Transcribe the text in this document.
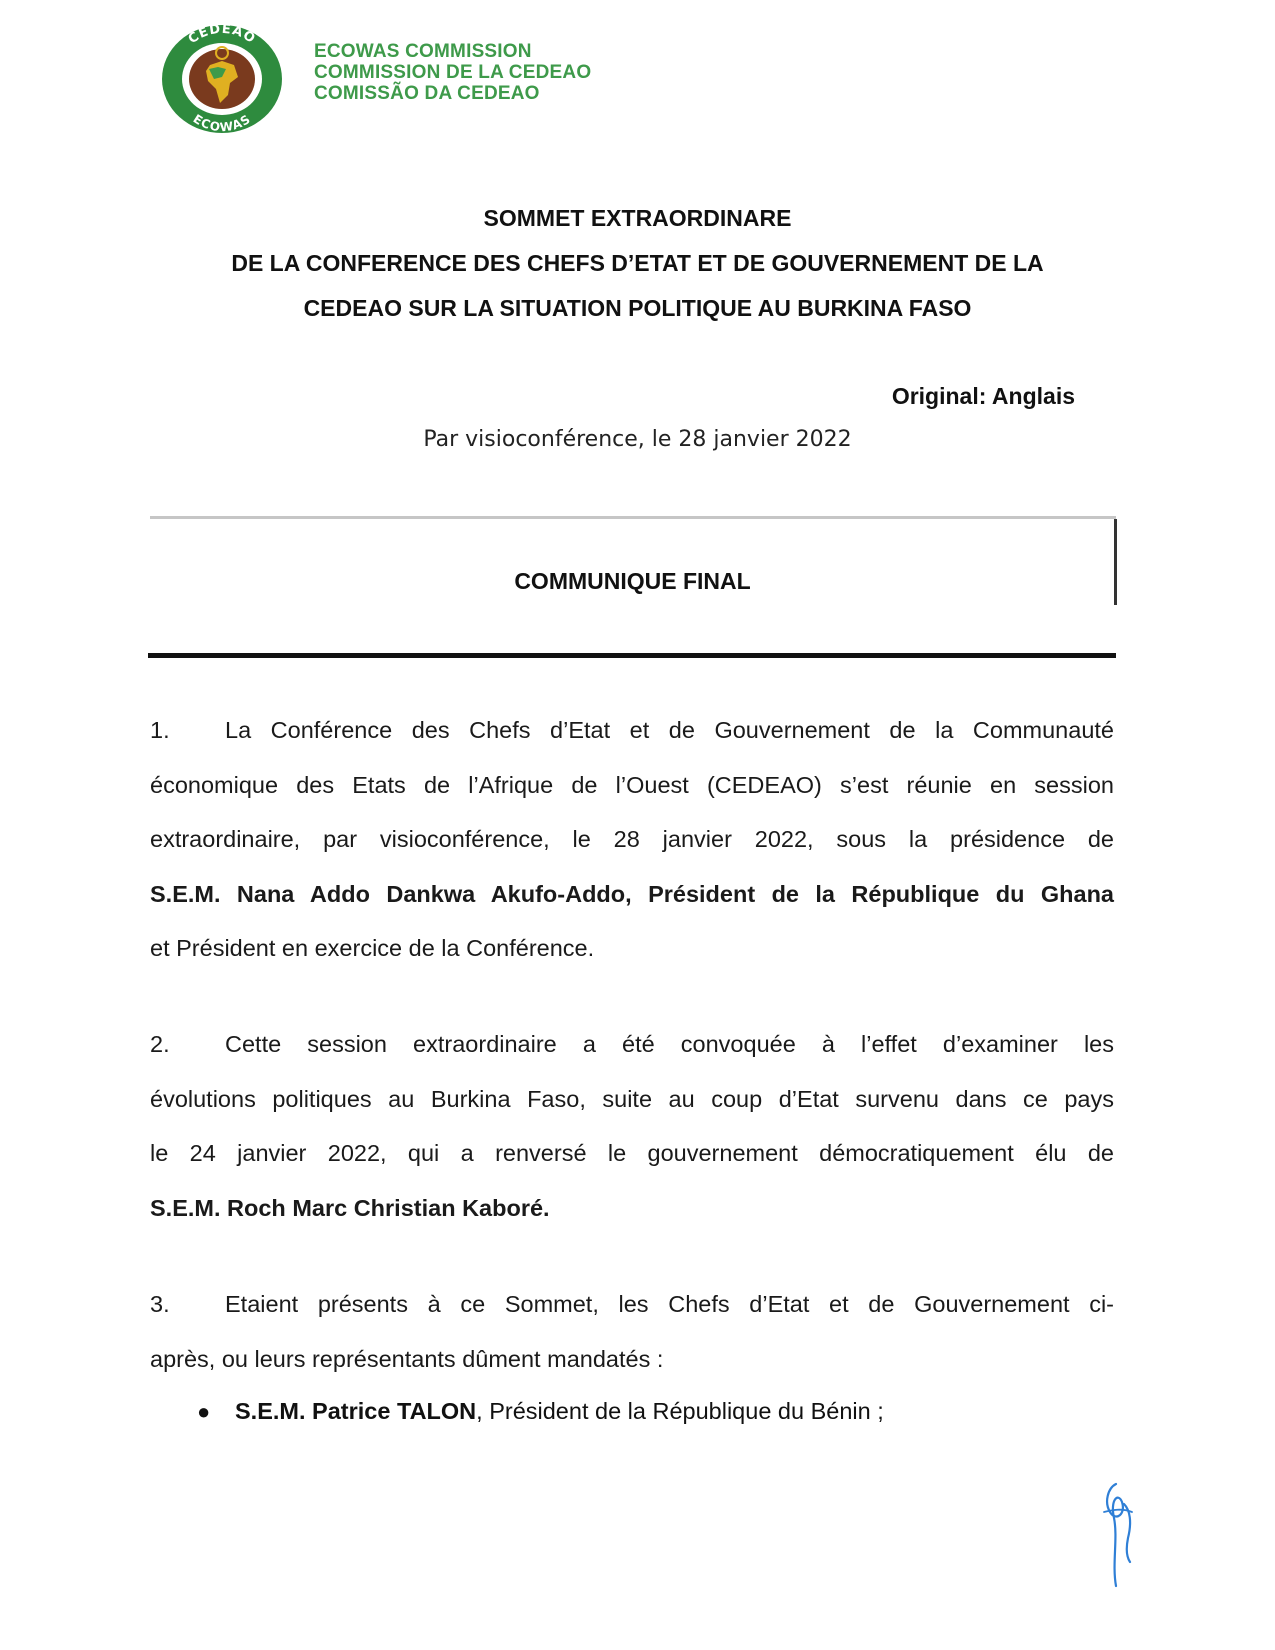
CEDEAO
ECOWAS
ECOWAS COMMISSION
COMMISSION DE LA CEDEAO
COMISSÃO DA CEDEAO
SOMMET EXTRAORDINARE
DE LA CONFERENCE DES CHEFS D’ETAT ET DE GOUVERNEMENT DE LA
CEDEAO SUR LA SITUATION POLITIQUE AU BURKINA FASO
Original: Anglais
Par visioconférence, le 28 janvier 2022
COMMUNIQUE FINAL
1. La Conférence des Chefs d’Etat et de Gouvernement de la Communauté
économique des Etats de l’Afrique de l’Ouest (CEDEAO) s’est réunie en session
extraordinaire, par visioconférence, le 28 janvier 2022, sous la présidence de
S.E.M. Nana Addo Dankwa Akufo-Addo, Président de la République du Ghana
et Président en exercice de la Conférence.
2. Cette session extraordinaire a été convoquée à l’effet d’examiner les
évolutions politiques au Burkina Faso, suite au coup d’Etat survenu dans ce pays
le 24 janvier 2022, qui a renversé le gouvernement démocratiquement élu de
S.E.M. Roch Marc Christian Kaboré.
3. Etaient présents à ce Sommet, les Chefs d’Etat et de Gouvernement ci-
après, ou leurs représentants dûment mandatés :
● S.E.M. Patrice TALON, Président de la République du Bénin ;
